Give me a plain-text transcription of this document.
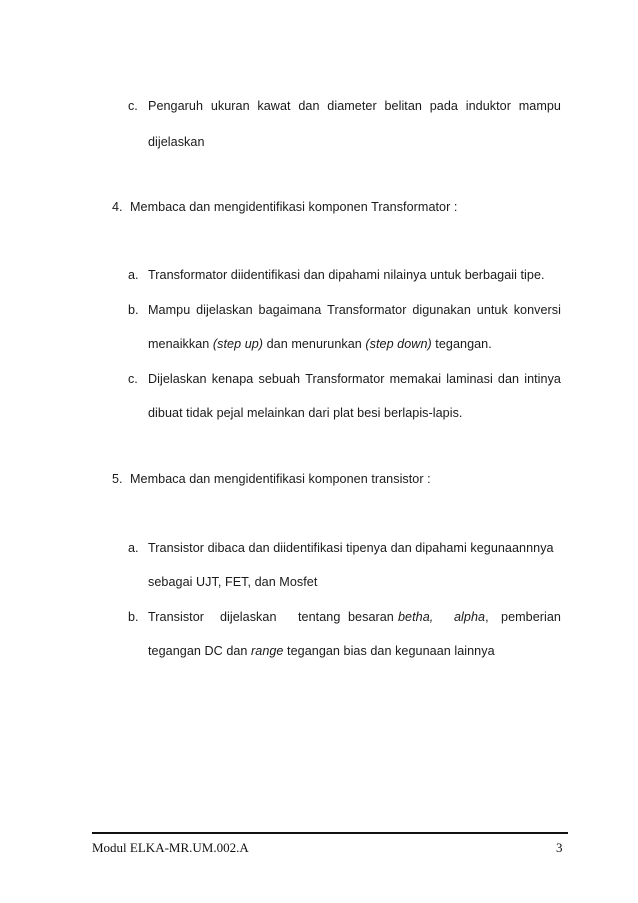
c. Pengaruh ukuran kawat dan diameter belitan pada induktor mampu
dijelaskan
4. Membaca dan mengidentifikasi komponen Transformator :
a. Transformator diidentifikasi dan dipahami nilainya untuk berbagaii tipe.
b. Mampu dijelaskan bagaimana Transformator digunakan untuk konversi
menaikkan (step up) dan menurunkan (step down) tegangan.
c. Dijelaskan kenapa sebuah Transformator memakai laminasi dan intinya
dibuat tidak pejal melainkan dari plat besi berlapis-lapis.
5. Membaca dan mengidentifikasi komponen transistor :
a. Transistor dibaca dan diidentifikasi tipenya dan dipahami kegunaannnya
sebagai UJT, FET, dan Mosfet
b. Transistor dijelaskan tentang besaran betha, alpha, pemberian
tegangan DC dan range tegangan bias dan kegunaan lainnya
Modul ELKA-MR.UM.002.A	3
